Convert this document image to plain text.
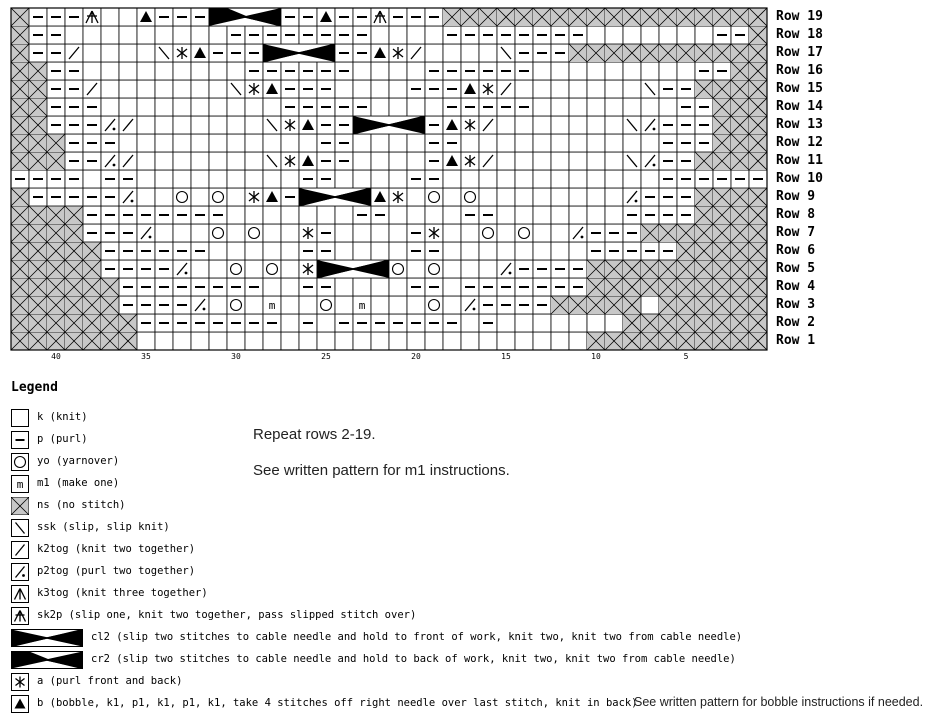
m	m
Row 1
Row 2
Row 3
Row 4
Row 5
Row 6
Row 7
Row 8
Row 9
Row 10
Row 11
Row 12
Row 13
Row 14
Row 15
Row 16
Row 17
Row 18
Row 19
40	35	30	25	20	15	10	5
Legend
k (knit)
p (purl)
yo (yarnover)
m m1 (make one)
ns (no stitch)
ssk (slip, slip knit)
k2tog (knit two together)
p2tog (purl two together)
k3tog (knit three together)
sk2p (slip one, knit two together, pass slipped stitch over)
cl2 (slip two stitches to cable needle and hold to front of work, knit two, knit two from cable needle)
cr2 (slip two stitches to cable needle and hold to back of work, knit two, knit two from cable needle)
a (purl front and back)
b (bobble, k1, p1, k1, p1, k1, take 4 stitches off right needle over last stitch, knit in back)
Repeat rows 2-19.
See written pattern for m1 instructions.
See written pattern for bobble instructions if needed.
